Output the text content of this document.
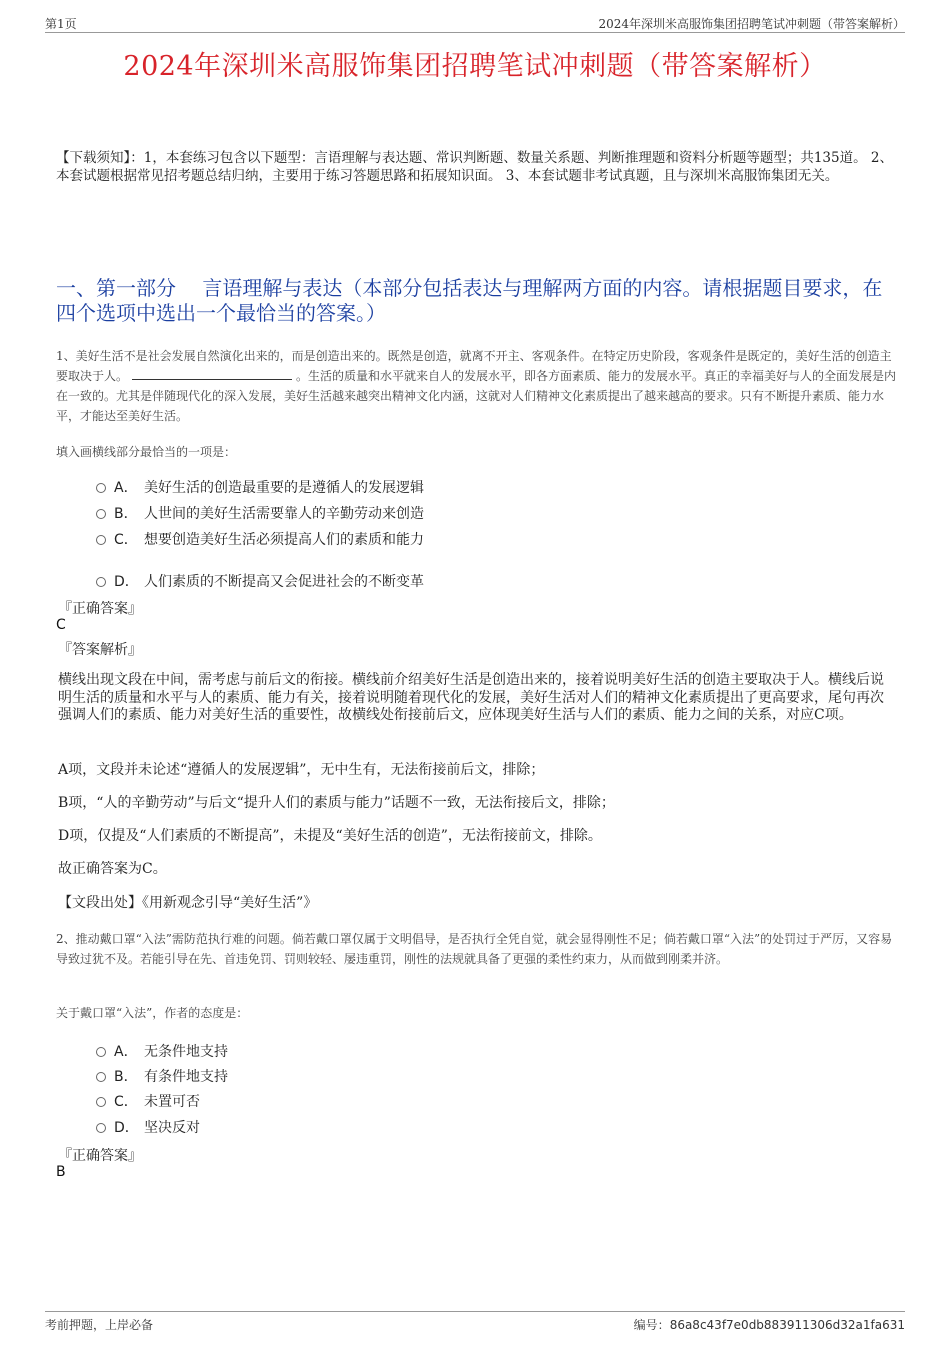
第1页	2024年深圳米高服饰集团招聘笔试冲刺题（带答案解析）
2024年深圳米高服饰集团招聘笔试冲刺题（带答案解析）
【下载须知】：1，本套练习包含以下题型：言语理解与表达题、常识判断题、数量关系题、判断推理题和资料分析题等题型；共135道。 2、本套试题根据常见招考题总结归纳，主要用于练习答题思路和拓展知识面。 3、本套试题非考试真题，且与深圳米高服饰集团无关。
一、第一部分　 言语理解与表达（本部分包括表达与理解两方面的内容。请根据题目要求，在四个选项中选出一个最恰当的答案。）
1、美好生活不是社会发展自然演化出来的，而是创造出来的。既然是创造，就离不开主、客观条件。在特定历史阶段，客观条件是既定的，美好生活的创造主要取决于人。	。生活的质量和水平就来自人的发展水平，即各方面素质、能力的发展水平。真正的幸福美好与人的全面发展是内在一致的。尤其是伴随现代化的深入发展，美好生活越来越突出精神文化内涵，这就对人们精神文化素质提出了越来越高的要求。只有不断提升素质、能力水平，才能达至美好生活。
填入画横线部分最恰当的一项是：
A． 美好生活的创造最重要的是遵循人的发展逻辑
B． 人世间的美好生活需要靠人的辛勤劳动来创造
C． 想要创造美好生活必须提高人们的素质和能力
D． 人们素质的不断提高又会促进社会的不断变革
『正确答案』
C
『答案解析』
横线出现文段在中间，需考虑与前后文的衔接。横线前介绍美好生活是创造出来的，接着说明美好生活的创造主要取决于人。横线后说明生活的质量和水平与人的素质、能力有关，接着说明随着现代化的发展，美好生活对人们的精神文化素质提出了更高要求，尾句再次强调人们的素质、能力对美好生活的重要性，故横线处衔接前后文，应体现美好生活与人们的素质、能力之间的关系，对应C项。
A项，文段并未论述“遵循人的发展逻辑”，无中生有，无法衔接前后文，排除；
B项，“人的辛勤劳动”与后文“提升人们的素质与能力”话题不一致，无法衔接后文，排除；
D项，仅提及“人们素质的不断提高”，未提及“美好生活的创造”，无法衔接前文，排除。
故正确答案为C。
【文段出处】《用新观念引导“美好生活”》
2、推动戴口罩“入法”需防范执行难的问题。倘若戴口罩仅属于文明倡导，是否执行全凭自觉，就会显得刚性不足；倘若戴口罩“入法”的处罚过于严厉，又容易导致过犹不及。若能引导在先、首违免罚、罚则较轻、屡违重罚，刚性的法规就具备了更强的柔性约束力，从而做到刚柔并济。
关于戴口罩“入法”，作者的态度是：
A． 无条件地支持
B． 有条件地支持
C． 未置可否
D． 坚决反对
『正确答案』
B
考前押题，上岸必备	编号：86a8c43f7e0db883911306d32a1fa631
